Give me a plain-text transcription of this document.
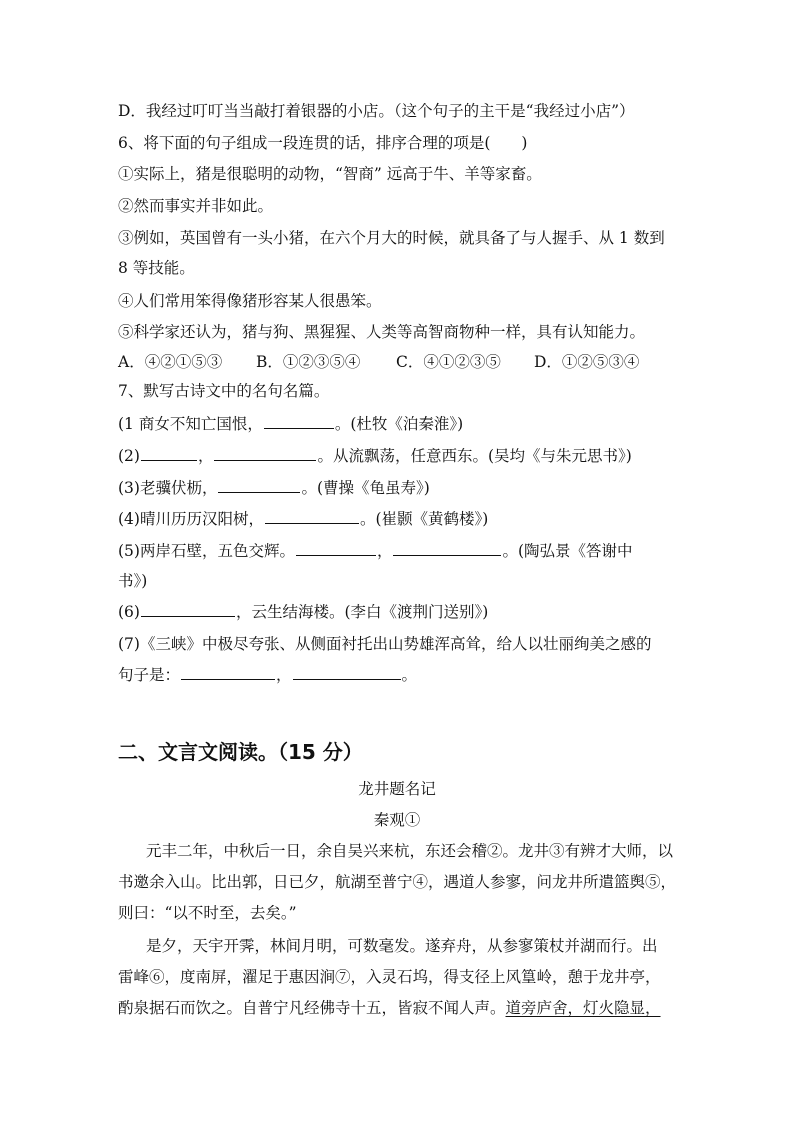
D．我经过叮叮当当敲打着银器的小店。（这个句子的主干是“我经过小店”）
6、将下面的句子组成一段连贯的话，排序合理的项是(　　)
①实际上，猪是很聪明的动物，“智商” 远高于牛、羊等家畜。
②然而事实并非如此。
③例如，英国曾有一头小猪，在六个月大的时候，就具备了与人握手、从 1 数到
8 等技能。
④人们常用笨得像猪形容某人很愚笨。
⑤科学家还认为，猪与狗、黑猩猩、人类等高智商物种一样，具有认知能力。
A．④②①⑤③ B．①②③⑤④ C．④①②③⑤ D．①②⑤③④
7、默写古诗文中的名句名篇。
(1 商女不知亡国恨，	。(杜牧《泊秦淮》)
(2)	，	。从流飘荡，任意西东。(吴均《与朱元思书》)
(3)老骥伏枥，	。(曹操《龟虽寿》)
(4)晴川历历汉阳树，	。(崔颢《黄鹤楼》)
(5)两岸石壁，五色交辉。	，	。(陶弘景《答谢中
书》)
(6)	，云生结海楼。(李白《渡荆门送别》)
(7)《三峡》中极尽夸张、从侧面衬托出山势雄浑高耸，给人以壮丽绚美之感的
句子是：	，	。
二、文言文阅读。（15 分）
龙井题名记
秦观①
元丰二年，中秋后一日，余自吴兴来杭，东还会稽②。龙井③有辨才大师，以
书邀余入山。比出郭，日已夕，航湖至普宁④，遇道人参寥，问龙井所遣篮舆⑤，
则曰：“以不时至，去矣。”
是夕，天宇开霁，林间月明，可数毫发。遂弃舟，从参寥策杖并湖而行。出
雷峰⑥，度南屏，濯足于惠因涧⑦，入灵石坞，得支径上风篁岭，憩于龙井亭，
酌泉据石而饮之。自普宁凡经佛寺十五，皆寂不闻人声。道旁庐舍，灯火隐显，
